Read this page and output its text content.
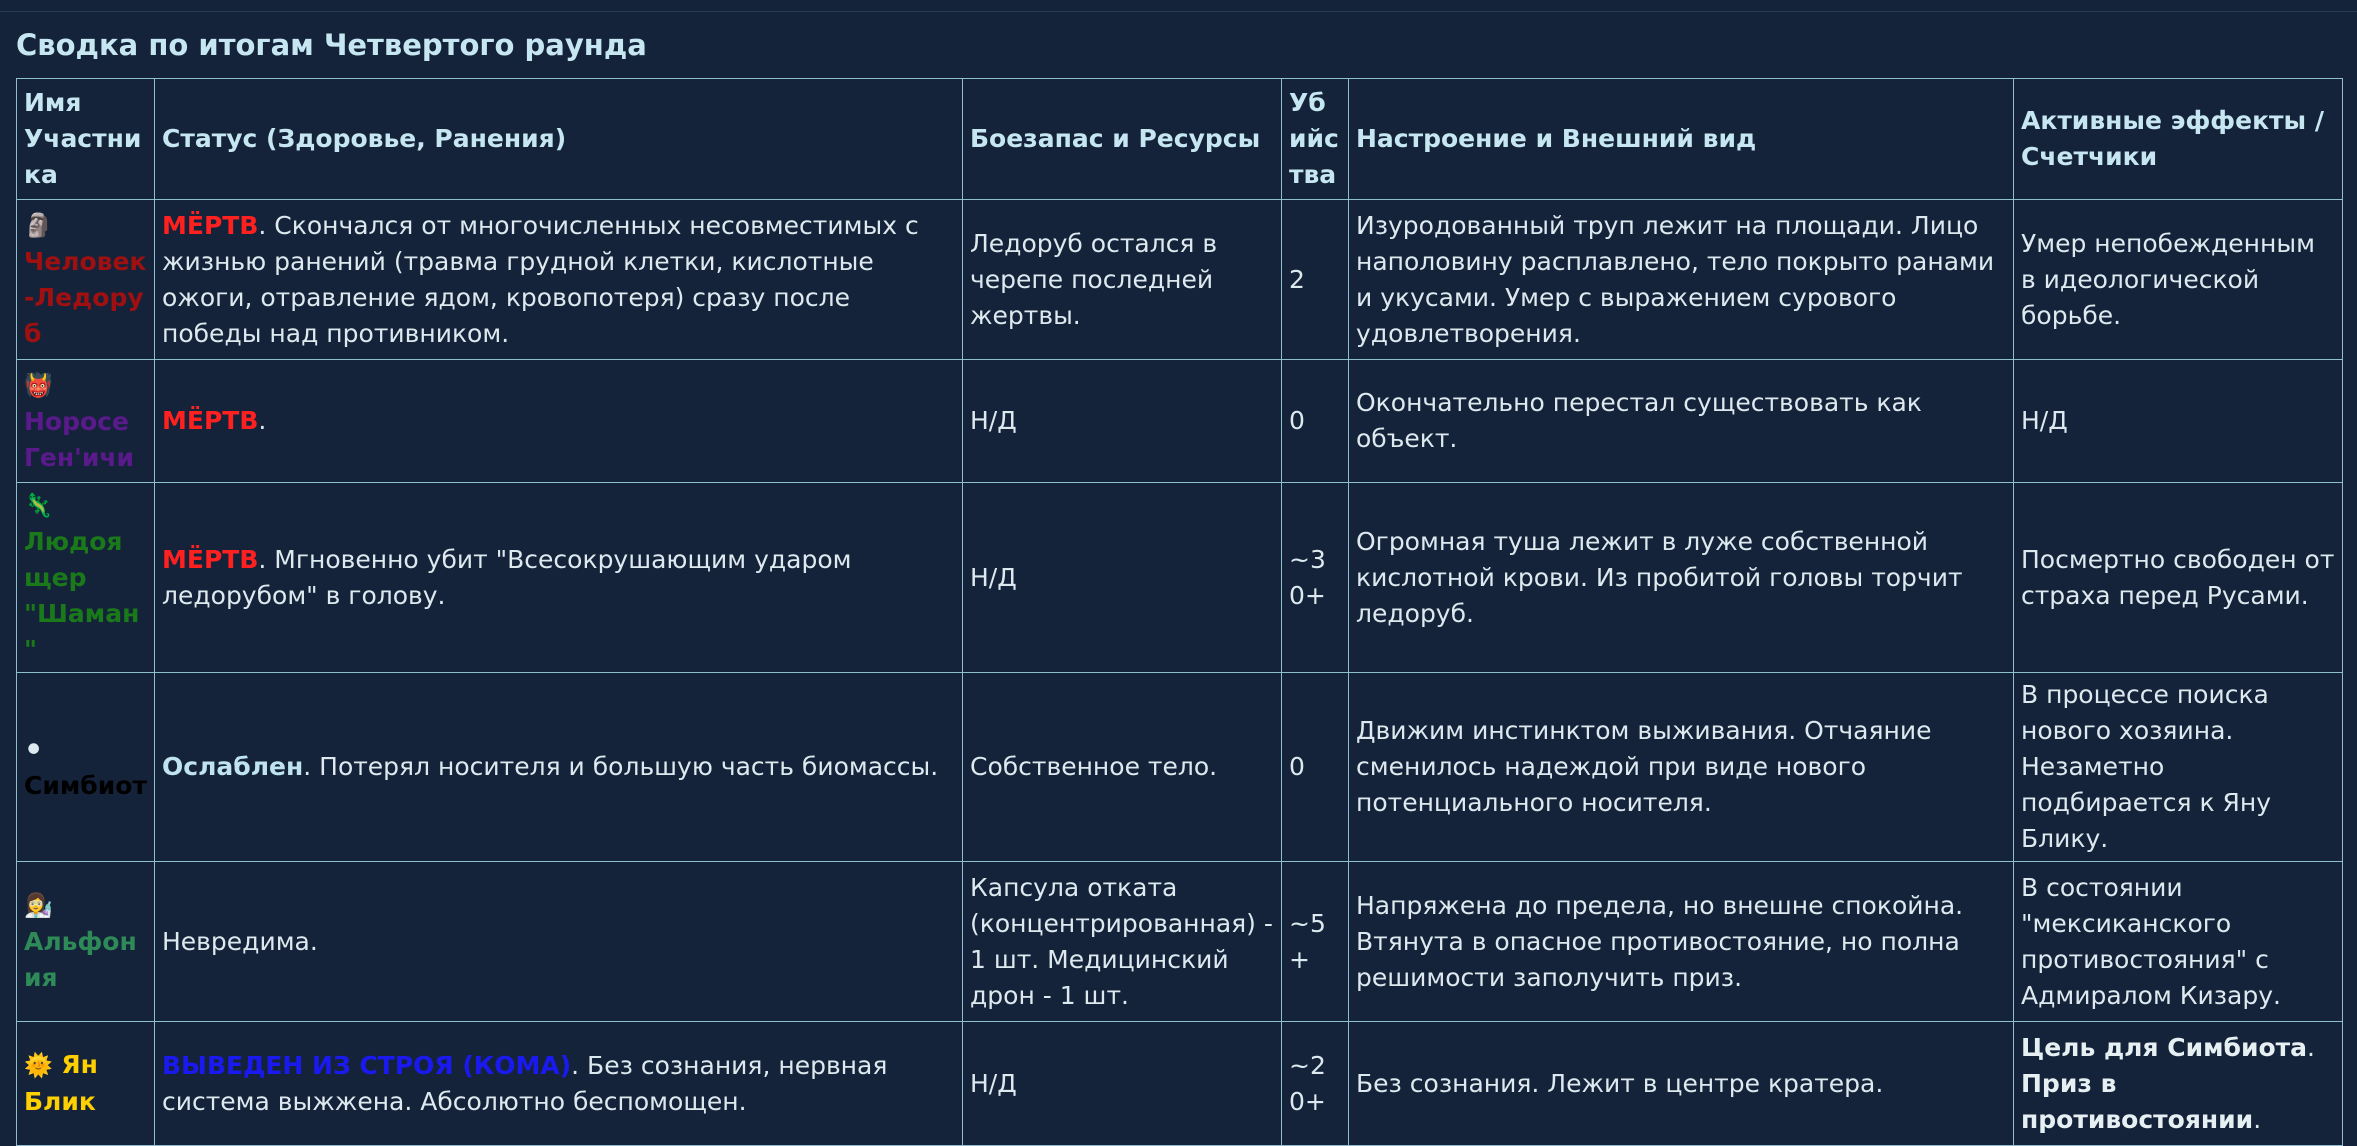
Сводка по итогам Четвертого раунда
Имя Участника	Статус (Здоровье, Ранения)	Боезапас и Ресурсы	Убийства	Настроение и Внешний вид	Активные эффекты / Счетчики
🗿
Человек-Ледоруб	МЁРТВ. Скончался от многочисленных несовместимых с жизнью ранений (травма грудной клетки, кислотные ожоги, отравление ядом, кровопотеря) сразу после победы над противником.	Ледоруб остался в черепе последней жертвы.	2	Изуродованный труп лежит на площади. Лицо наполовину расплавлено, тело покрыто ранами и укусами. Умер с выражением сурового удовлетворения.	Умер непобежденным в идеологической борьбе.
👹
Норосе Ген'ичи	МЁРТВ.	Н/Д	0	Окончательно перестал существовать как объект.	Н/Д
🦎
Людоящер "Шаман"	МЁРТВ. Мгновенно убит "Всесокрушающим ударом ледорубом" в голову.	Н/Д	~30+	Огромная туша лежит в луже собственной кислотной крови. Из пробитой головы торчит ледоруб.	Посмертно свободен от страха перед Русами.
⚫
Симбиот	Ослаблен. Потерял носителя и большую часть биомассы.	Собственное тело.	0	Движим инстинктом выживания. Отчаяние сменилось надеждой при виде нового потенциального носителя.	В процессе поиска нового хозяина. Незаметно подбирается к Яну Блику.
👩‍🔬
Альфония	Невредима.	Капсула отката (концентрированная) - 1 шт. Медицинский дрон - 1 шт.	~5+	Напряжена до предела, но внешне спокойна. Втянута в опасное противостояние, но полна решимости заполучить приз.	В состоянии "мексиканского противостояния" с Адмиралом Кизару.
🌞 Ян Блик	ВЫВЕДЕН ИЗ СТРОЯ (КОМА). Без сознания, нервная система выжжена. Абсолютно беспомощен.	Н/Д	~20+	Без сознания. Лежит в центре кратера.	Цель для Симбиота. Приз в противостоянии.
